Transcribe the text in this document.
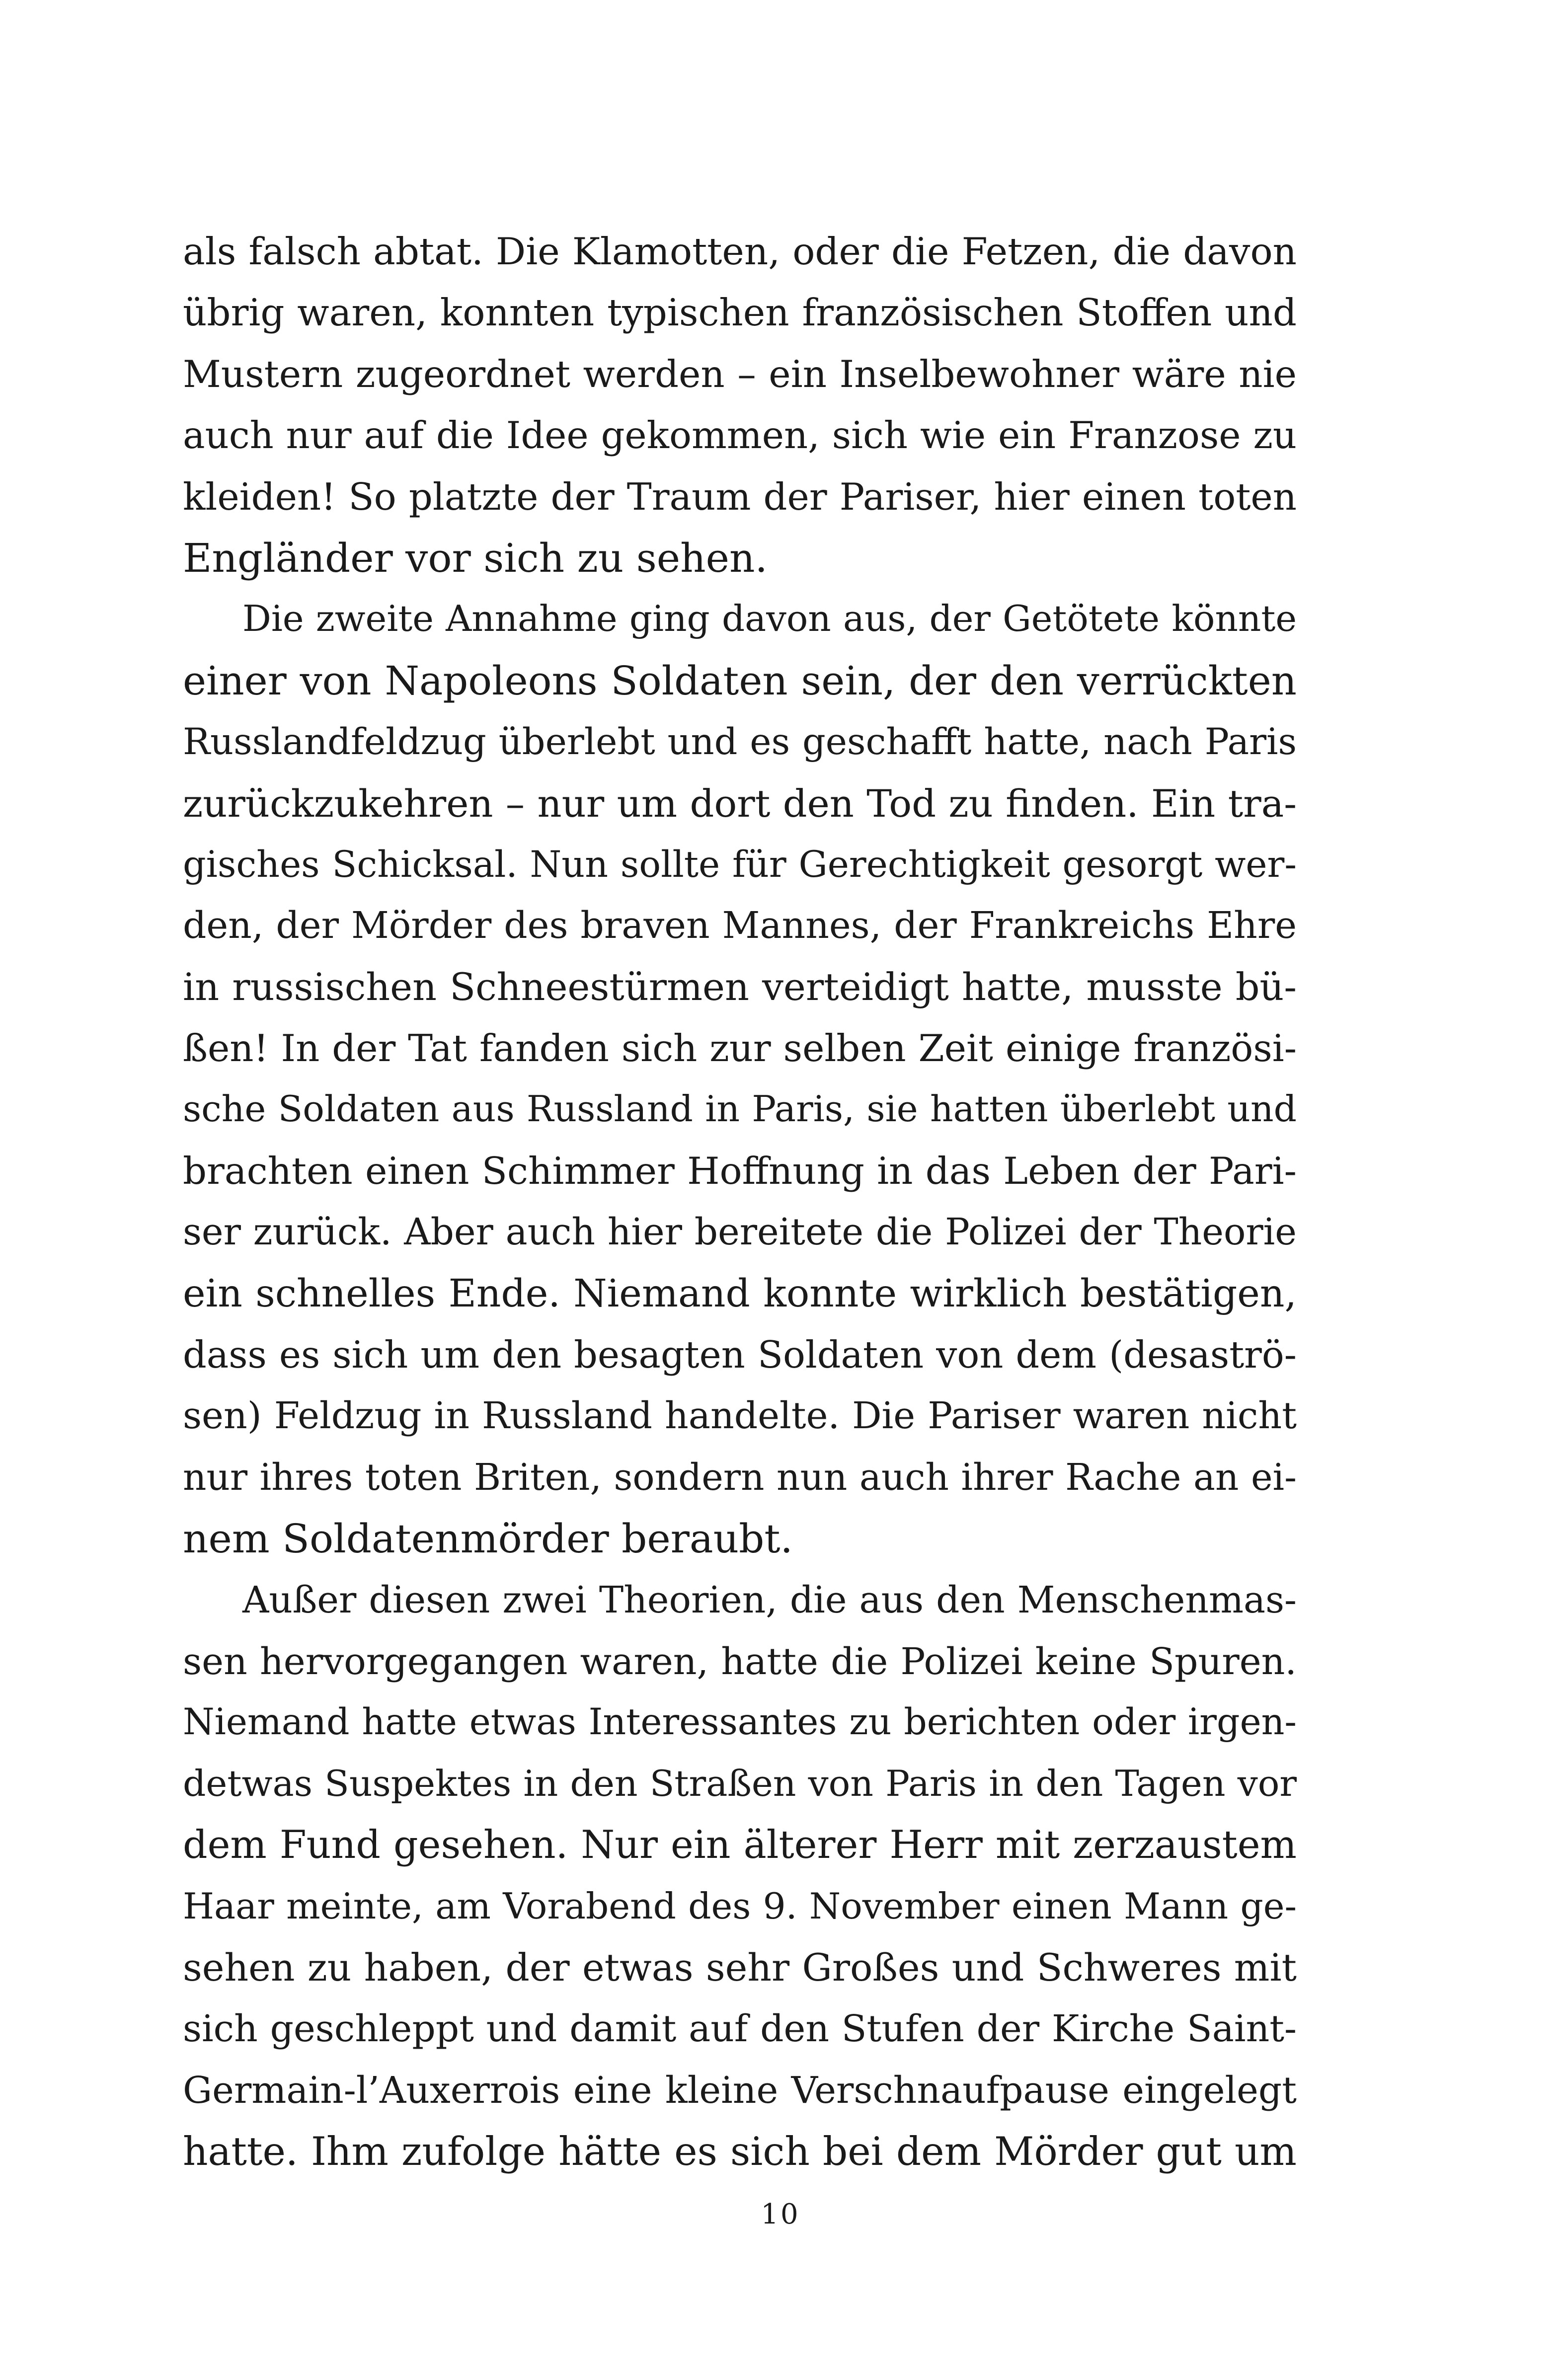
als falsch abtat. Die Klamotten, oder die Fetzen, die davon
übrig waren, konnten typischen französischen Stoffen und
Mustern zugeordnet werden – ein Inselbewohner wäre nie
auch nur auf die Idee gekommen, sich wie ein Franzose zu
kleiden! So platzte der Traum der Pariser, hier einen toten
Engländer vor sich zu sehen.
Die zweite Annahme ging davon aus, der Getötete könnte
einer von Napoleons Soldaten sein, der den verrückten
Russlandfeldzug überlebt und es geschafft hatte, nach Paris
zurückzukehren – nur um dort den Tod zu finden. Ein tra-
gisches Schicksal. Nun sollte für Gerechtigkeit gesorgt wer-
den, der Mörder des braven Mannes, der Frankreichs Ehre
in russischen Schneestürmen verteidigt hatte, musste bü-
ßen! In der Tat fanden sich zur selben Zeit einige französi-
sche Soldaten aus Russland in Paris, sie hatten überlebt und
brachten einen Schimmer Hoffnung in das Leben der Pari-
ser zurück. Aber auch hier bereitete die Polizei der Theorie
ein schnelles Ende. Niemand konnte wirklich bestätigen,
dass es sich um den besagten Soldaten von dem (desaströ-
sen) Feldzug in Russland handelte. Die Pariser waren nicht
nur ihres toten Briten, sondern nun auch ihrer Rache an ei-
nem Soldatenmörder beraubt.
Außer diesen zwei Theorien, die aus den Menschenmas-
sen hervorgegangen waren, hatte die Polizei keine Spuren.
Niemand hatte etwas Interessantes zu berichten oder irgen-
detwas Suspektes in den Straßen von Paris in den Tagen vor
dem Fund gesehen. Nur ein älterer Herr mit zerzaustem
Haar meinte, am Vorabend des 9. November einen Mann ge-
sehen zu haben, der etwas sehr Großes und Schweres mit
sich geschleppt und damit auf den Stufen der Kirche Saint-
Germain-l’Auxerrois eine kleine Verschnaufpause eingelegt
hatte. Ihm zufolge hätte es sich bei dem Mörder gut um
10
